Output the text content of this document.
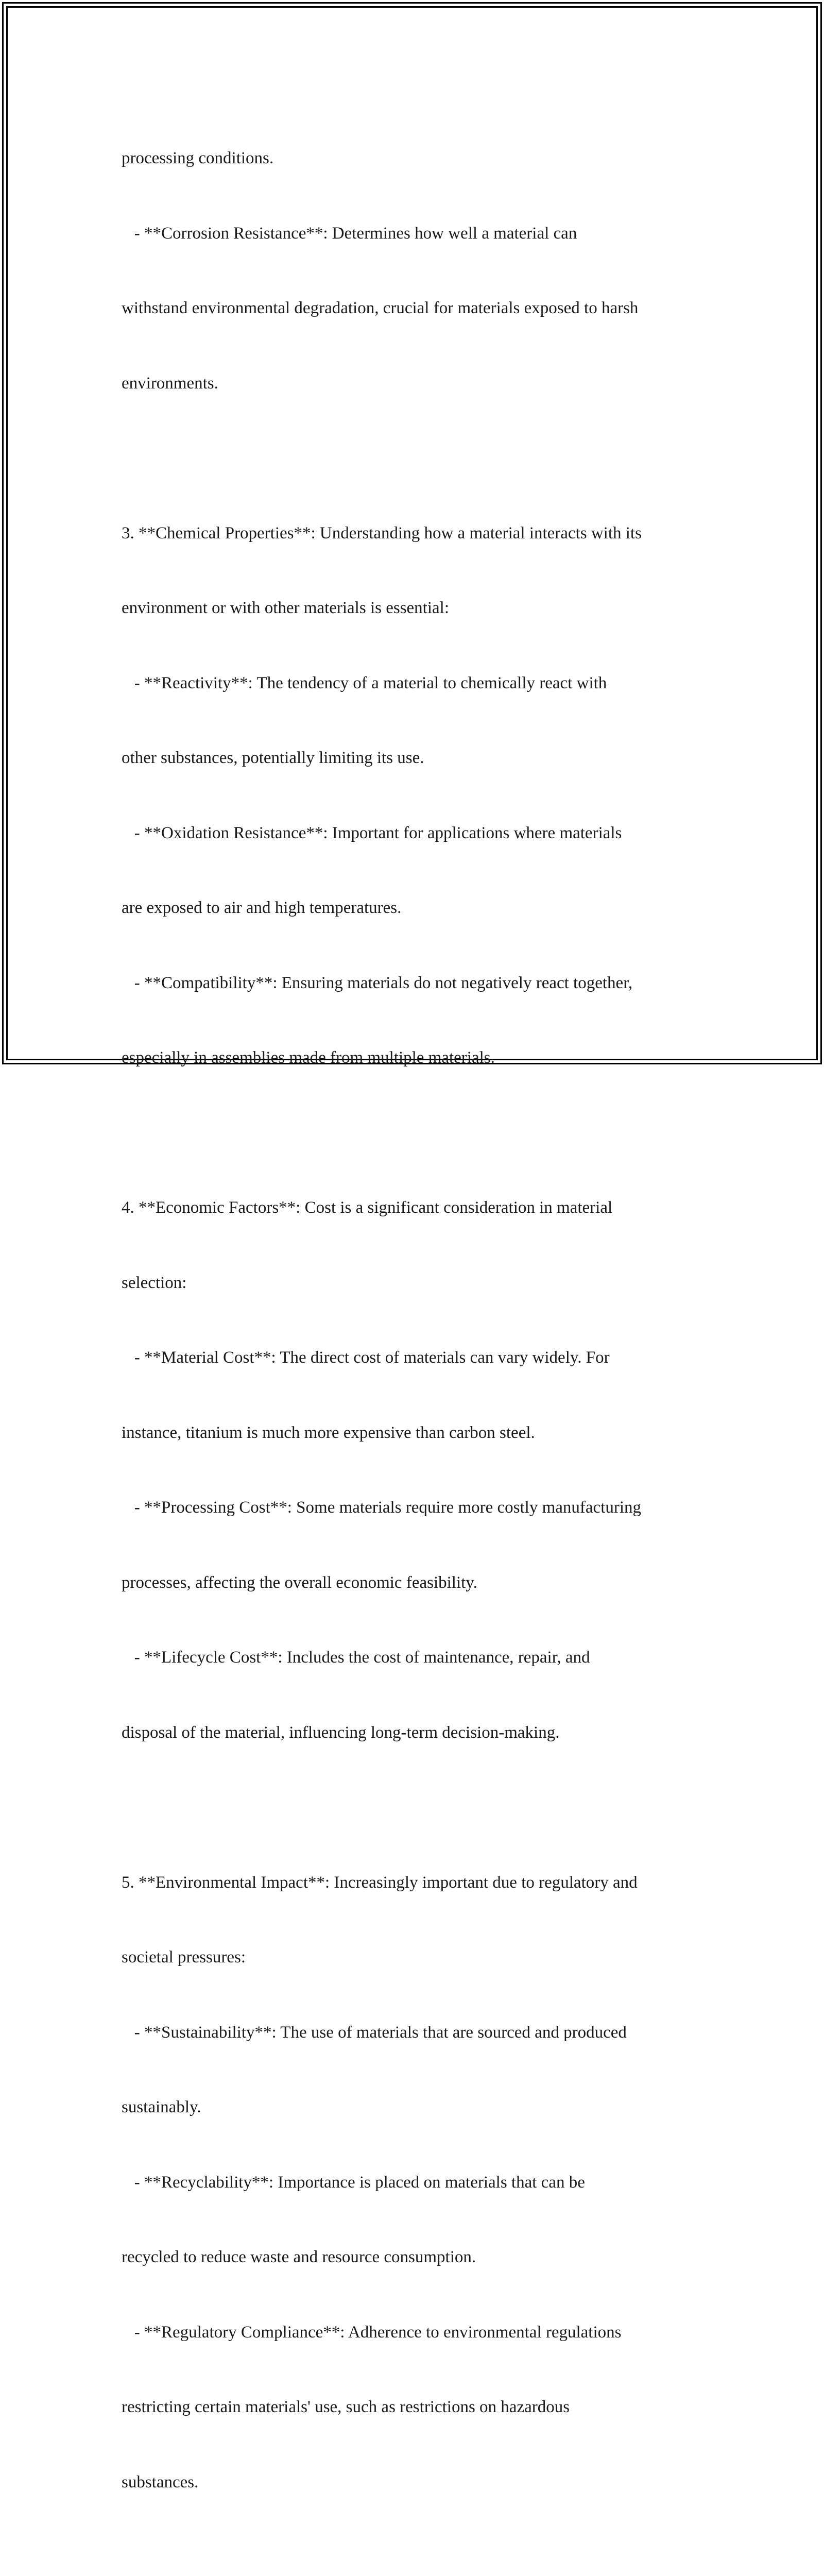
processing conditions.

- **Corrosion Resistance**: Determines how well a material can

withstand environmental degradation, crucial for materials exposed to harsh

environments.

3. **Chemical Properties**: Understanding how a material interacts with its

environment or with other materials is essential:

- **Reactivity**: The tendency of a material to chemically react with

other substances, potentially limiting its use.

- **Oxidation Resistance**: Important for applications where materials

are exposed to air and high temperatures.

- **Compatibility**: Ensuring materials do not negatively react together,

especially in assemblies made from multiple materials.

4. **Economic Factors**: Cost is a significant consideration in material

selection:

- **Material Cost**: The direct cost of materials can vary widely. For

instance, titanium is much more expensive than carbon steel.

- **Processing Cost**: Some materials require more costly manufacturing

processes, affecting the overall economic feasibility.

- **Lifecycle Cost**: Includes the cost of maintenance, repair, and

disposal of the material, influencing long-term decision-making.

5. **Environmental Impact**: Increasingly important due to regulatory and

societal pressures:

- **Sustainability**: The use of materials that are sourced and produced

sustainably.

- **Recyclability**: Importance is placed on materials that can be

recycled to reduce waste and resource consumption.

- **Regulatory Compliance**: Adherence to environmental regulations

restricting certain materials' use, such as restrictions on hazardous

substances.
